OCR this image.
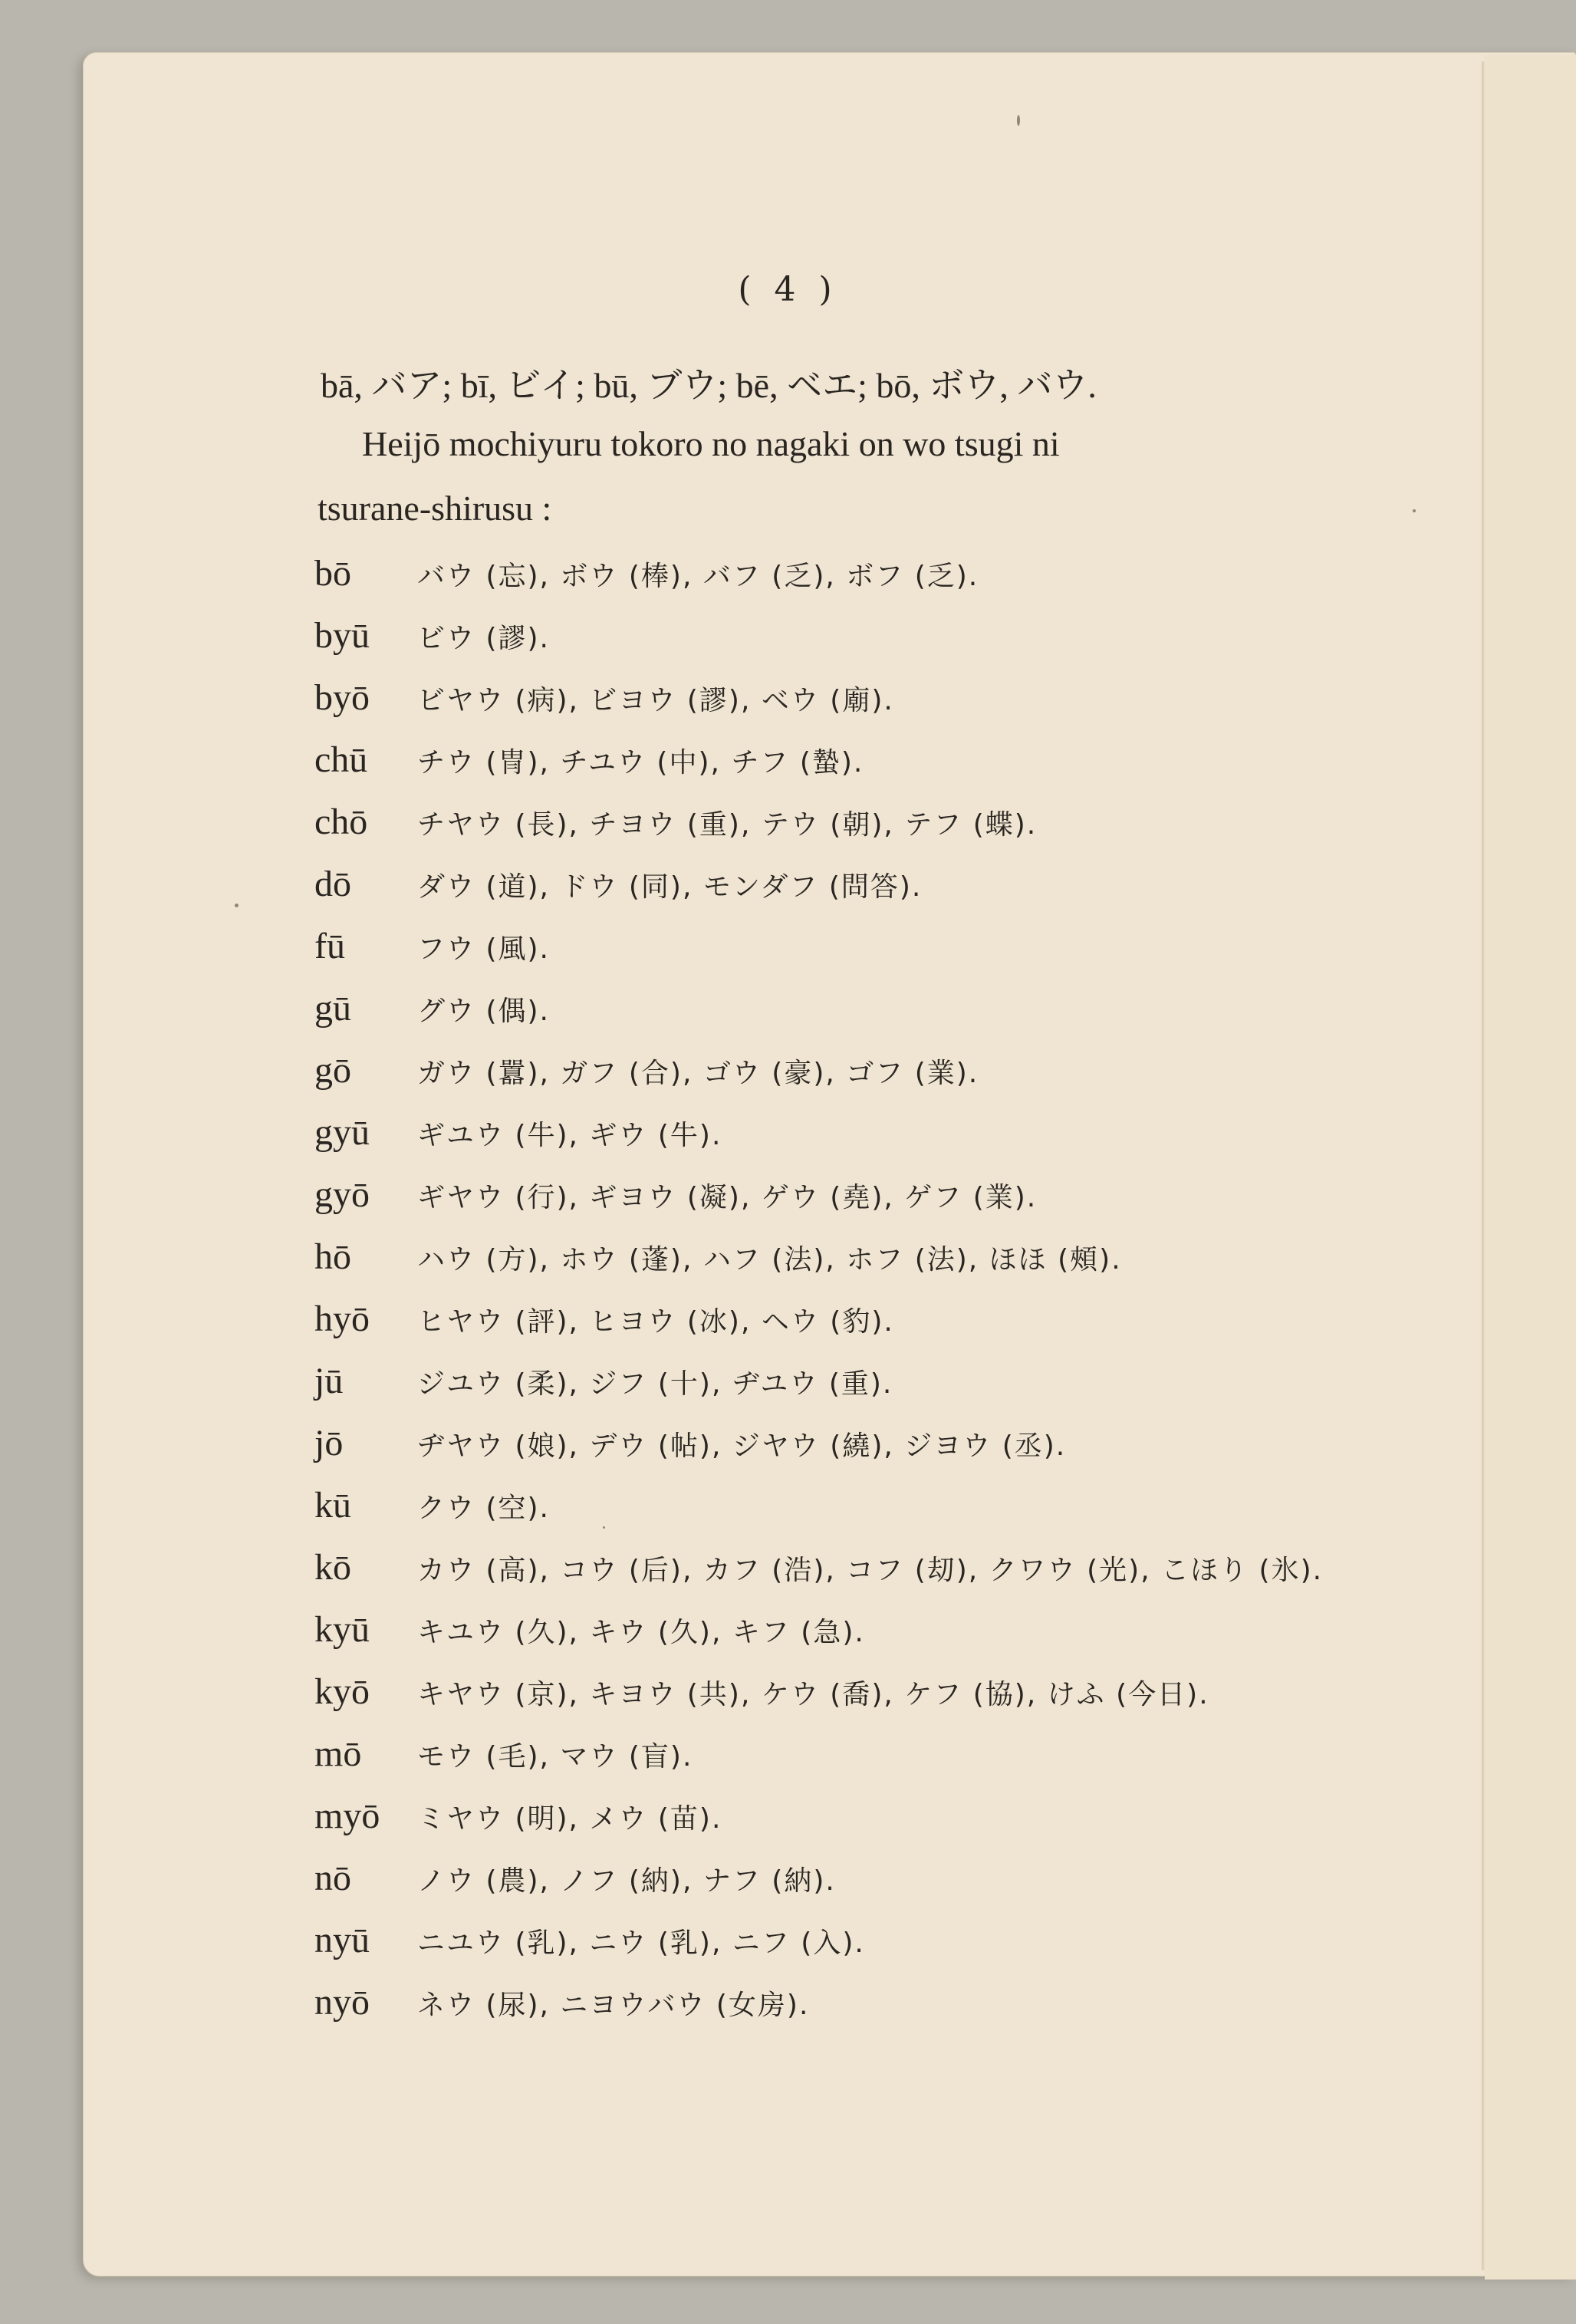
( 4 )
bā, バア; bī, ビイ; bū, ブウ; bē, ベエ; bō, ボウ, バウ.
Heijō mochiyuru tokoro no nagaki on wo tsugi ni
tsurane-shirusu :
bō	バウ (忘), ボウ (棒), バフ (乏), ボフ (乏).
byū	ビウ (謬).
byō	ビヤウ (病), ビヨウ (謬), ベウ (廟).
chū	チウ (冑), チユウ (中), チフ (蟄).
chō	チヤウ (長), チヨウ (重), テウ (朝), テフ (蝶).
dō	ダウ (道), ドウ (同), モンダフ (問答).
fū	フウ (風).
gū	グウ (偶).
gō	ガウ (囂), ガフ (合), ゴウ (豪), ゴフ (業).
gyū	ギユウ (牛), ギウ (牛).
gyō	ギヤウ (行), ギヨウ (凝), ゲウ (堯), ゲフ (業).
hō	ハウ (方), ホウ (蓬), ハフ (法), ホフ (法), ほほ (頰).
hyō	ヒヤウ (評), ヒヨウ (冰), ヘウ (豹).
jū	ジユウ (柔), ジフ (十), ヂユウ (重).
jō	ヂヤウ (娘), デウ (帖), ジヤウ (繞), ジヨウ (丞).
kū	クウ (空).
kō	カウ (高), コウ (后), カフ (浩), コフ (刧), クワウ (光), こほり (氷).
kyū	キユウ (久), キウ (久), キフ (急).
kyō	キヤウ (京), キヨウ (共), ケウ (喬), ケフ (協), けふ (今日).
mō	モウ (毛), マウ (盲).
myō	ミヤウ (明), メウ (苗).
nō	ノウ (農), ノフ (納), ナフ (納).
nyū	ニユウ (乳), ニウ (乳), ニフ (入).
nyō	ネウ (尿), ニヨウバウ (女房).
